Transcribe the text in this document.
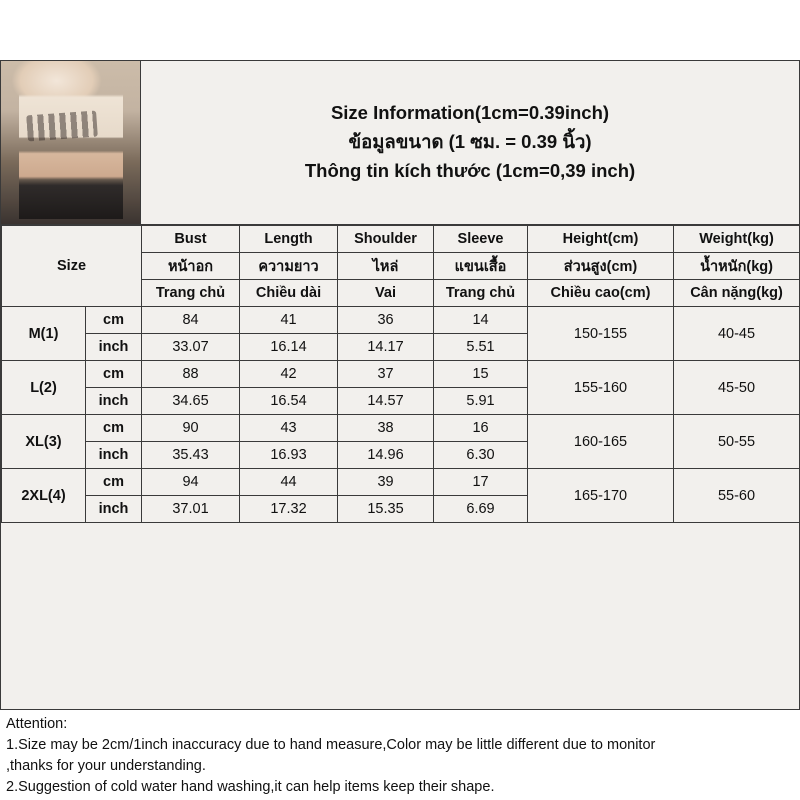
Size Information(1cm=0.39inch)
ข้อมูลขนาด (1 ซม. = 0.39 นิ้ว)
Thông tin kích thước (1cm=0,39 inch)
Size		Bust	Length	Shoulder	Sleeve	Height(cm)	Weight(kg)
		หน้าอก	ความยาว	ไหล่	แขนเสื้อ	ส่วนสูง(cm)	น้ำหนัก(kg)
		Trang chủ	Chiều dài	Vai	Trang chủ	Chiều cao(cm)	Cân nặng(kg)
M(1)	cm	84	41	36	14	150-155	40-45
	inch	33.07	16.14	14.17	5.51		
L(2)	cm	88	42	37	15	155-160	45-50
	inch	34.65	16.54	14.57	5.91		
XL(3)	cm	90	43	38	16	160-165	50-55
	inch	35.43	16.93	14.96	6.30		
2XL(4)	cm	94	44	39	17	165-170	55-60
	inch	37.01	17.32	15.35	6.69		
Attention:
1.Size may be 2cm/1inch inaccuracy due to hand measure,Color may be little different due to monitor
,thanks for your understanding.
2.Suggestion of cold water hand washing,it can help items keep their shape.
